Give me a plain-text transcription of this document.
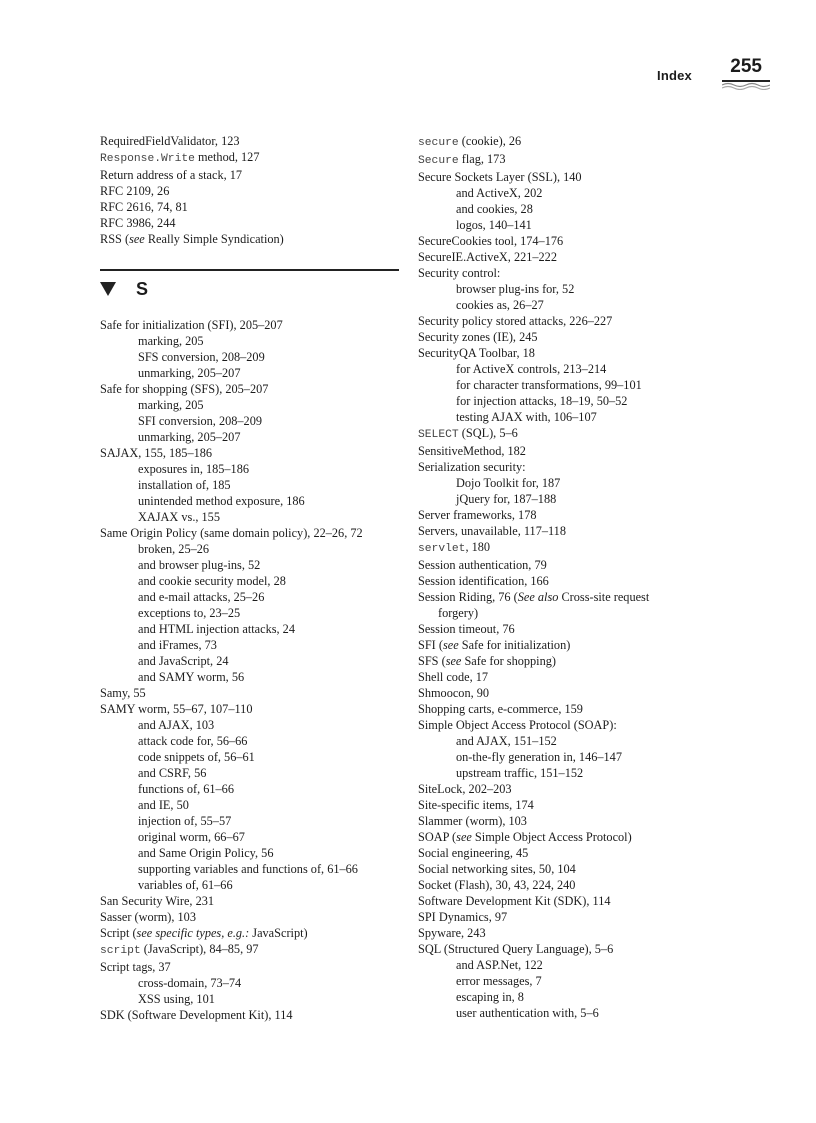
Index 255
RequiredFieldValidator, 123
Response.Write method, 127
Return address of a stack, 17
RFC 2109, 26
RFC 2616, 74, 81
RFC 3986, 244
RSS (see Really Simple Syndication)
S
Safe for initialization (SFI), 205–207
marking, 205
SFS conversion, 208–209
unmarking, 205–207
Safe for shopping (SFS), 205–207
marking, 205
SFI conversion, 208–209
unmarking, 205–207
SAJAX, 155, 185–186
exposures in, 185–186
installation of, 185
unintended method exposure, 186
XAJAX vs., 155
Same Origin Policy (same domain policy), 22–26, 72
broken, 25–26
and browser plug-ins, 52
and cookie security model, 28
and e-mail attacks, 25–26
exceptions to, 23–25
and HTML injection attacks, 24
and iFrames, 73
and JavaScript, 24
and SAMY worm, 56
Samy, 55
SAMY worm, 55–67, 107–110
and AJAX, 103
attack code for, 56–66
code snippets of, 56–61
and CSRF, 56
functions of, 61–66
and IE, 50
injection of, 55–57
original worm, 66–67
and Same Origin Policy, 56
supporting variables and functions of, 61–66
variables of, 61–66
San Security Wire, 231
Sasser (worm), 103
Script (see specific types, e.g.: JavaScript)
script (JavaScript), 84–85, 97
Script tags, 37
cross-domain, 73–74
XSS using, 101
SDK (Software Development Kit), 114
secure (cookie), 26
Secure flag, 173
Secure Sockets Layer (SSL), 140
and ActiveX, 202
and cookies, 28
logos, 140–141
SecureCookies tool, 174–176
SecureIE.ActiveX, 221–222
Security control:
browser plug-ins for, 52
cookies as, 26–27
Security policy stored attacks, 226–227
Security zones (IE), 245
SecurityQA Toolbar, 18
for ActiveX controls, 213–214
for character transformations, 99–101
for injection attacks, 18–19, 50–52
testing AJAX with, 106–107
SELECT (SQL), 5–6
SensitiveMethod, 182
Serialization security:
Dojo Toolkit for, 187
jQuery for, 187–188
Server frameworks, 178
Servers, unavailable, 117–118
servlet, 180
Session authentication, 79
Session identification, 166
Session Riding, 76 (See also Cross-site request
forgery)
Session timeout, 76
SFI (see Safe for initialization)
SFS (see Safe for shopping)
Shell code, 17
Shmoocon, 90
Shopping carts, e-commerce, 159
Simple Object Access Protocol (SOAP):
and AJAX, 151–152
on-the-fly generation in, 146–147
upstream traffic, 151–152
SiteLock, 202–203
Site-specific items, 174
Slammer (worm), 103
SOAP (see Simple Object Access Protocol)
Social engineering, 45
Social networking sites, 50, 104
Socket (Flash), 30, 43, 224, 240
Software Development Kit (SDK), 114
SPI Dynamics, 97
Spyware, 243
SQL (Structured Query Language), 5–6
and ASP.Net, 122
error messages, 7
escaping in, 8
user authentication with, 5–6
